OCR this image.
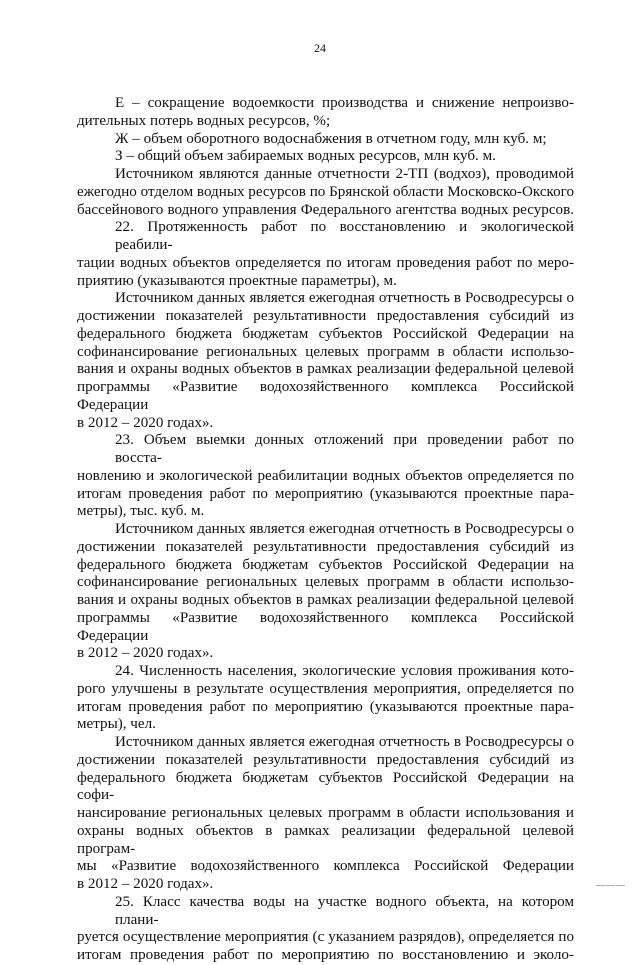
24
Е – сокращение водоемкости производства и снижение непроизво-
дительных потерь водных ресурсов, %;
Ж – объем оборотного водоснабжения в отчетном году, млн куб. м;
З – общий объем забираемых водных ресурсов, млн куб. м.
Источником являются данные отчетности 2-ТП (водхоз), проводимой
ежегодно отделом водных ресурсов по Брянской области Московско-Окского
бассейнового водного управления Федерального агентства водных ресурсов.
22. Протяженность работ по восстановлению и экологической реабили-
тации водных объектов определяется по итогам проведения работ по меро-
приятию (указываются проектные параметры), м.
Источником данных является ежегодная отчетность в Росводресурсы о
достижении показателей результативности предоставления субсидий из
федерального бюджета бюджетам субъектов Российской Федерации на
софинансирование региональных целевых программ в области использо-
вания и охраны водных объектов в рамках реализации федеральной целевой
программы «Развитие водохозяйственного комплекса Российской Федерации
в 2012 – 2020 годах».
23. Объем выемки донных отложений при проведении работ по восста-
новлению и экологической реабилитации водных объектов определяется по
итогам проведения работ по мероприятию (указываются проектные пара-
метры), тыс. куб. м.
Источником данных является ежегодная отчетность в Росводресурсы о
достижении показателей результативности предоставления субсидий из
федерального бюджета бюджетам субъектов Российской Федерации на
софинансирование региональных целевых программ в области использо-
вания и охраны водных объектов в рамках реализации федеральной целевой
программы «Развитие водохозяйственного комплекса Российской Федерации
в 2012 – 2020 годах».
24. Численность населения, экологические условия проживания кото-
рого улучшены в результате осуществления мероприятия, определяется по
итогам проведения работ по мероприятию (указываются проектные пара-
метры), чел.
Источником данных является ежегодная отчетность в Росводресурсы о
достижении показателей результативности предоставления субсидий из
федерального бюджета бюджетам субъектов Российской Федерации на софи-
нансирование региональных целевых программ в области использования и
охраны водных объектов в рамках реализации федеральной целевой програм-
мы «Развитие водохозяйственного комплекса Российской Федерации
в 2012 – 2020 годах».
25. Класс качества воды на участке водного объекта, на котором плани-
руется осуществление мероприятия (с указанием разрядов), определяется по
итогам проведения работ по мероприятию по восстановлению и эколо-
———
